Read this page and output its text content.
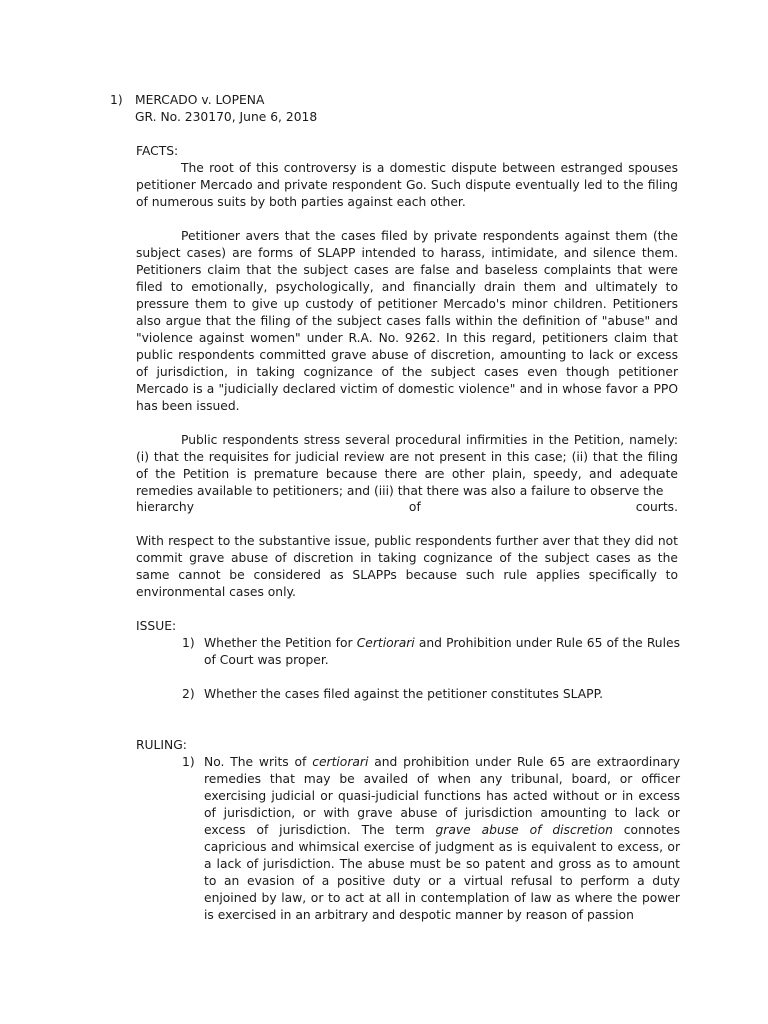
1)	MERCADO v. LOPENA
GR. No. 230170, June 6, 2018
FACTS:
The root of this controversy is a domestic dispute between estranged spouses petitioner Mercado and private respondent Go. Such dispute eventually led to the filing of numerous suits by both parties against each other.
Petitioner avers that the cases filed by private respondents against them (the subject cases) are forms of SLAPP intended to harass, intimidate, and silence them. Petitioners claim that the subject cases are false and baseless complaints that were filed to emotionally, psychologically, and financially drain them and ultimately to pressure them to give up custody of petitioner Mercado's minor children. Petitioners also argue that the filing of the subject cases falls within the definition of "abuse" and "violence against women" under R.A. No. 9262. In this regard, petitioners claim that public respondents committed grave abuse of discretion, amounting to lack or excess of jurisdiction, in taking cognizance of the subject cases even though petitioner Mercado is a "judicially declared victim of domestic violence" and in whose favor a PPO has been issued.
Public respondents stress several procedural infirmities in the Petition, namely: (i) that the requisites for judicial review are not present in this case; (ii) that the filing of the Petition is premature because there are other plain, speedy, and adequate remedies available to petitioners; and (iii) that there was also a failure to observe the
hierarchy	of	courts.
With respect to the substantive issue, public respondents further aver that they did not commit grave abuse of discretion in taking cognizance of the subject cases as the same cannot be considered as SLAPPs because such rule applies specifically to environmental cases only.
ISSUE:
1) Whether the Petition for Certiorari and Prohibition under Rule 65 of the Rules of Court was proper.
2) Whether the cases filed against the petitioner constitutes SLAPP.
RULING:
1) No. The writs of certiorari and prohibition under Rule 65 are extraordinary remedies that may be availed of when any tribunal, board, or officer exercising judicial or quasi-judicial functions has acted without or in excess of jurisdiction, or with grave abuse of jurisdiction amounting to lack or excess of jurisdiction. The term grave abuse of discretion connotes capricious and whimsical exercise of judgment as is equivalent to excess, or a lack of jurisdiction. The abuse must be so patent and gross as to amount to an evasion of a positive duty or a virtual refusal to perform a duty enjoined by law, or to act at all in contemplation of law as where the power is exercised in an arbitrary and despotic manner by reason of passion
